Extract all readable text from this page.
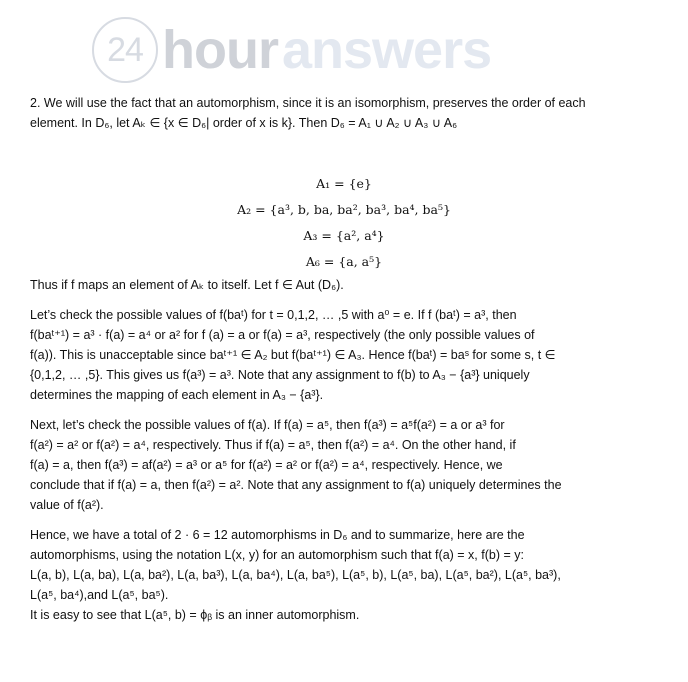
24 hour answers

2. We will use the fact that an automorphism, since it is an isomorphism, preserves the order of each

element. In D₆, let Aₖ ∈ {x ∈ D₆| order of x is k}. Then D₆ = A₁ ∪ A₂ ∪ A₃ ∪ A₆

A₁ = {e}
A₂ = {a³, b, ba, ba², ba³, ba⁴, ba⁵}
A₃ = {a², a⁴}
A₆ = {a, a⁵}

Thus if f maps an element of Aₖ to itself. Let f ∈ Aut (D₆).

Let’s check the possible values of f(baᵗ) for t = 0,1,2, … ,5 with a⁰ = e. If f (baᵗ) = a³, then

f(baᵗ⁺¹) = a³ · f(a) = a⁴ or a² for f (a) = a or f(a) = a³, respectively (the only possible values of

f(a)). This is unacceptable since baᵗ⁺¹ ∈ A₂ but f(baᵗ⁺¹) ∈ A₃. Hence f(baᵗ) = baˢ for some s, t ∈

{0,1,2, … ,5}. This gives us f(a³) = a³. Note that any assignment to f(b) to A₃ − {a³} uniquely

determines the mapping of each element in A₃ − {a³}.

Next, let’s check the possible values of f(a). If f(a) = a⁵, then f(a³) = a⁵f(a²) = a or a³ for

f(a²) = a² or f(a²) = a⁴, respectively. Thus if f(a) = a⁵, then f(a²) = a⁴. On the other hand, if

f(a) = a, then f(a³) = af(a²) = a³ or a⁵ for f(a²) = a² or f(a²) = a⁴, respectively. Hence, we

conclude that if f(a) = a, then f(a²) = a². Note that any assignment to f(a) uniquely determines the

value of f(a²).

Hence, we have a total of 2 · 6 = 12 automorphisms in D₆ and to summarize, here are the

automorphisms, using the notation L(x, y) for an automorphism such that f(a) = x, f(b) = y:

L(a, b), L(a, ba), L(a, ba²), L(a, ba³), L(a, ba⁴), L(a, ba⁵), L(a⁵, b), L(a⁵, ba), L(a⁵, ba²), L(a⁵, ba³),

L(a⁵, ba⁴),and L(a⁵, ba⁵).

It is easy to see that L(a⁵, b) = ϕᵦ is an inner automorphism.
